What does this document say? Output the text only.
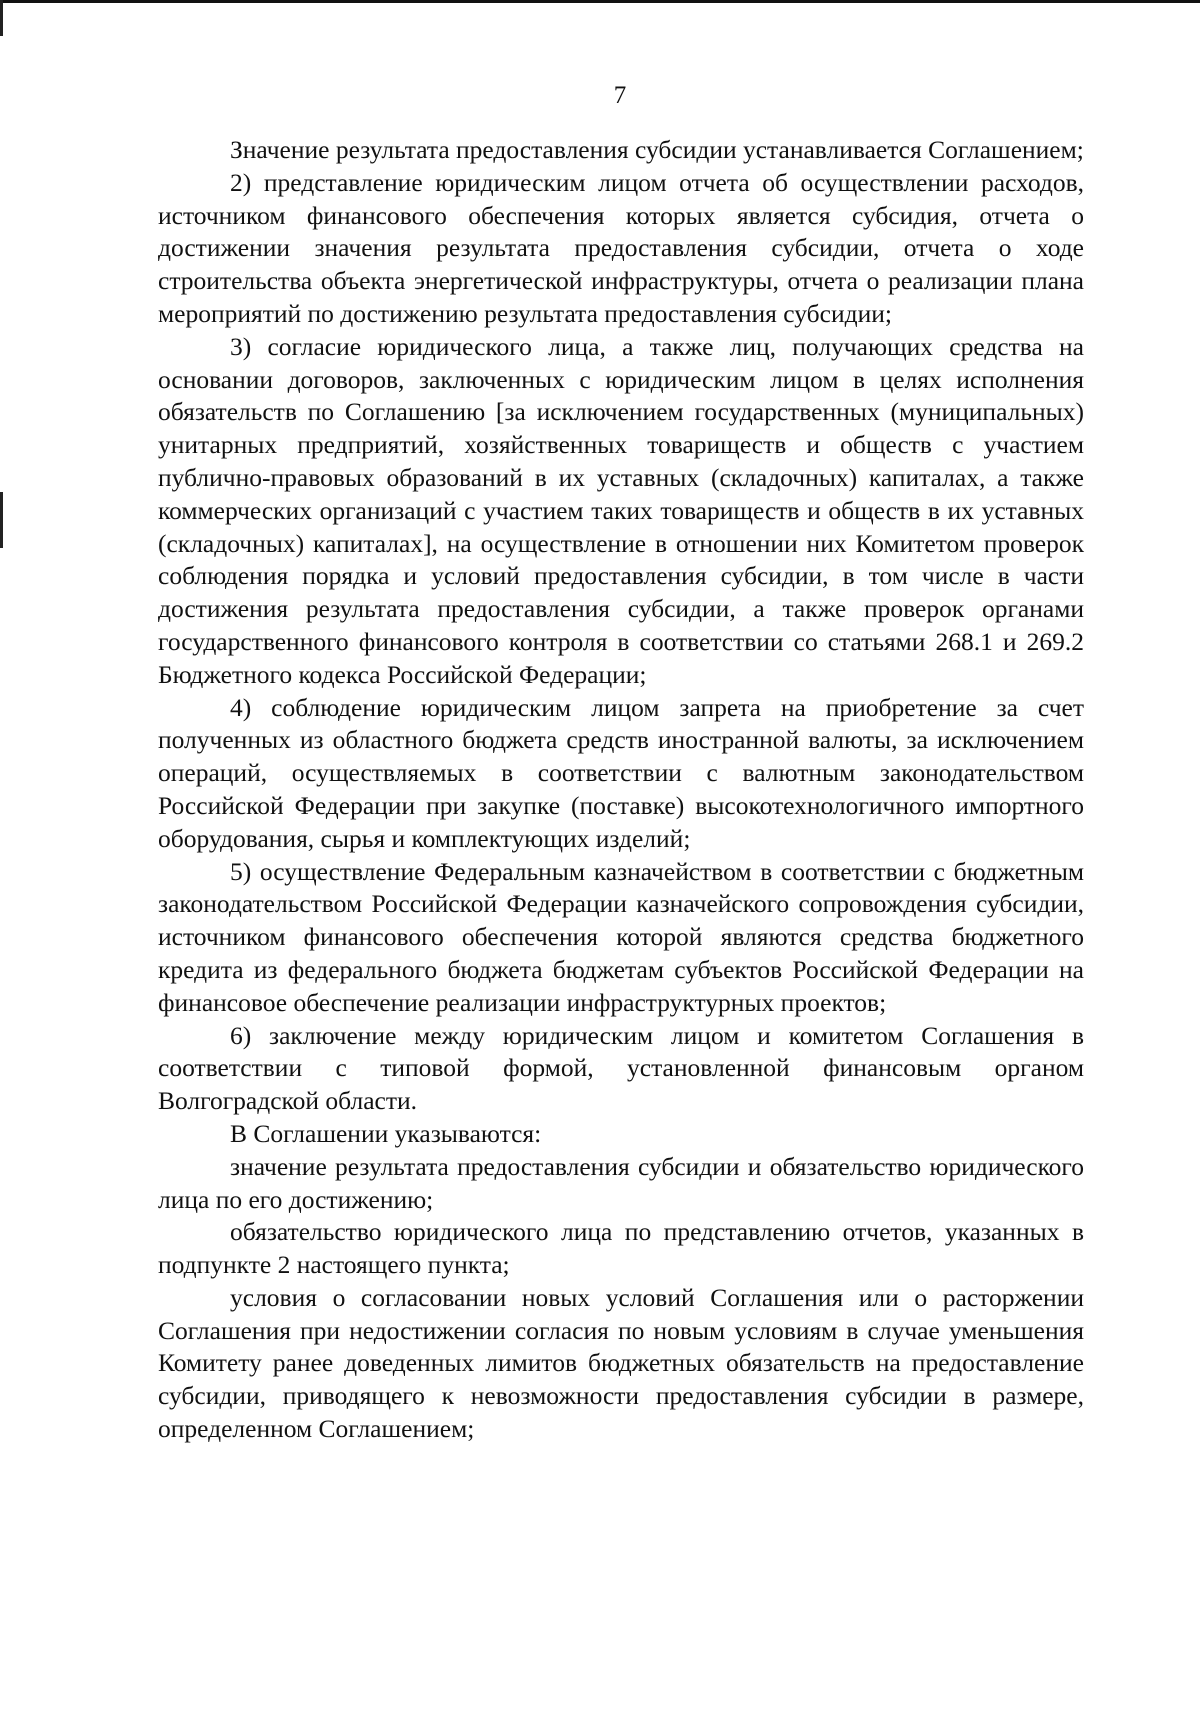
7

Значение результата предоставления субсидии устанавливается Соглашением;

2) представление юридическим лицом отчета об осуществлении расходов, источником финансового обеспечения которых является субсидия, отчета о достижении значения результата предоставления субсидии, отчета о ходе строительства объекта энергетической инфраструктуры, отчета о реализации плана мероприятий по достижению результата предоставления субсидии;

3) согласие юридического лица, а также лиц, получающих средства на основании договоров, заключенных с юридическим лицом в целях исполнения обязательств по Соглашению [за исключением государственных (муниципальных) унитарных предприятий, хозяйственных товариществ и обществ с участием публично-правовых образований в их уставных (складочных) капиталах, а также коммерческих организаций с участием таких товариществ и обществ в их уставных (складочных) капиталах], на осуществление в отношении них Комитетом проверок соблюдения порядка и условий предоставления субсидии, в том числе в части достижения результата предоставления субсидии, а также проверок органами государственного финансового контроля в соответствии со статьями 268.1 и 269.2 Бюджетного кодекса Российской Федерации;

4) соблюдение юридическим лицом запрета на приобретение за счет полученных из областного бюджета средств иностранной валюты, за исключением операций, осуществляемых в соответствии с валютным законодательством Российской Федерации при закупке (поставке) высокотехнологичного импортного оборудования, сырья и комплектующих изделий;

5) осуществление Федеральным казначейством в соответствии с бюджетным законодательством Российской Федерации казначейского сопровождения субсидии, источником финансового обеспечения которой являются средства бюджетного кредита из федерального бюджета бюджетам субъектов Российской Федерации на финансовое обеспечение реализации инфраструктурных проектов;

6) заключение между юридическим лицом и комитетом Соглашения в соответствии с типовой формой, установленной финансовым органом Волгоградской области.

В Соглашении указываются:

значение результата предоставления субсидии и обязательство юридического лица по его достижению;

обязательство юридического лица по представлению отчетов, указанных в подпункте 2 настоящего пункта;

условия о согласовании новых условий Соглашения или о расторжении Соглашения при недостижении согласия по новым условиям в случае уменьшения Комитету ранее доведенных лимитов бюджетных обязательств на предоставление субсидии, приводящего к невозможности предоставления субсидии в размере, определенном Соглашением;
